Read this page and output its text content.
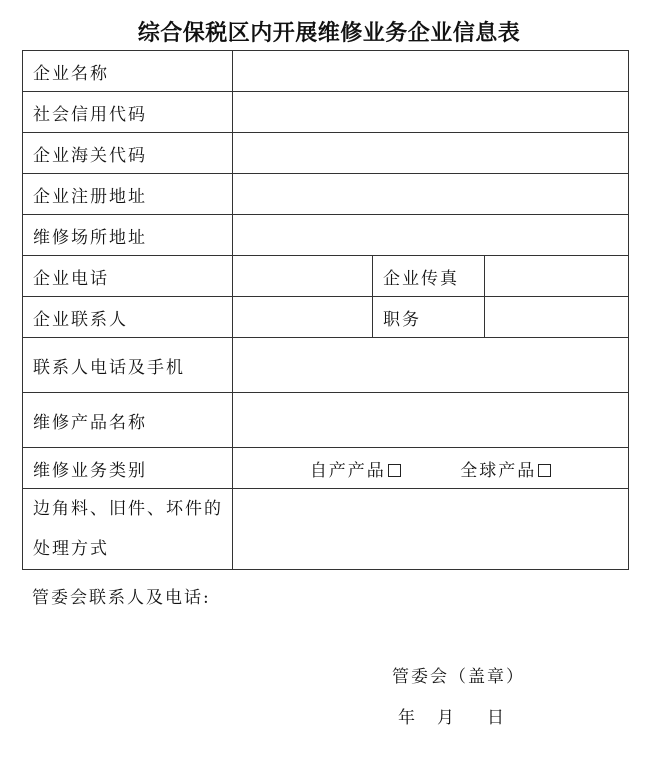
综合保税区内开展维修业务企业信息表
企业名称			
社会信用代码			
企业海关代码			
企业注册地址			
维修场所地址			
企业电话		企业传真	
企业联系人		职务	
联系人电话及手机			
维修产品名称			
维修业务类别	自产产品 全球产品		

边角料、旧件、坏件的
处理方式			

管委会联系人及电话:
管委会（盖章）
年 月 日
